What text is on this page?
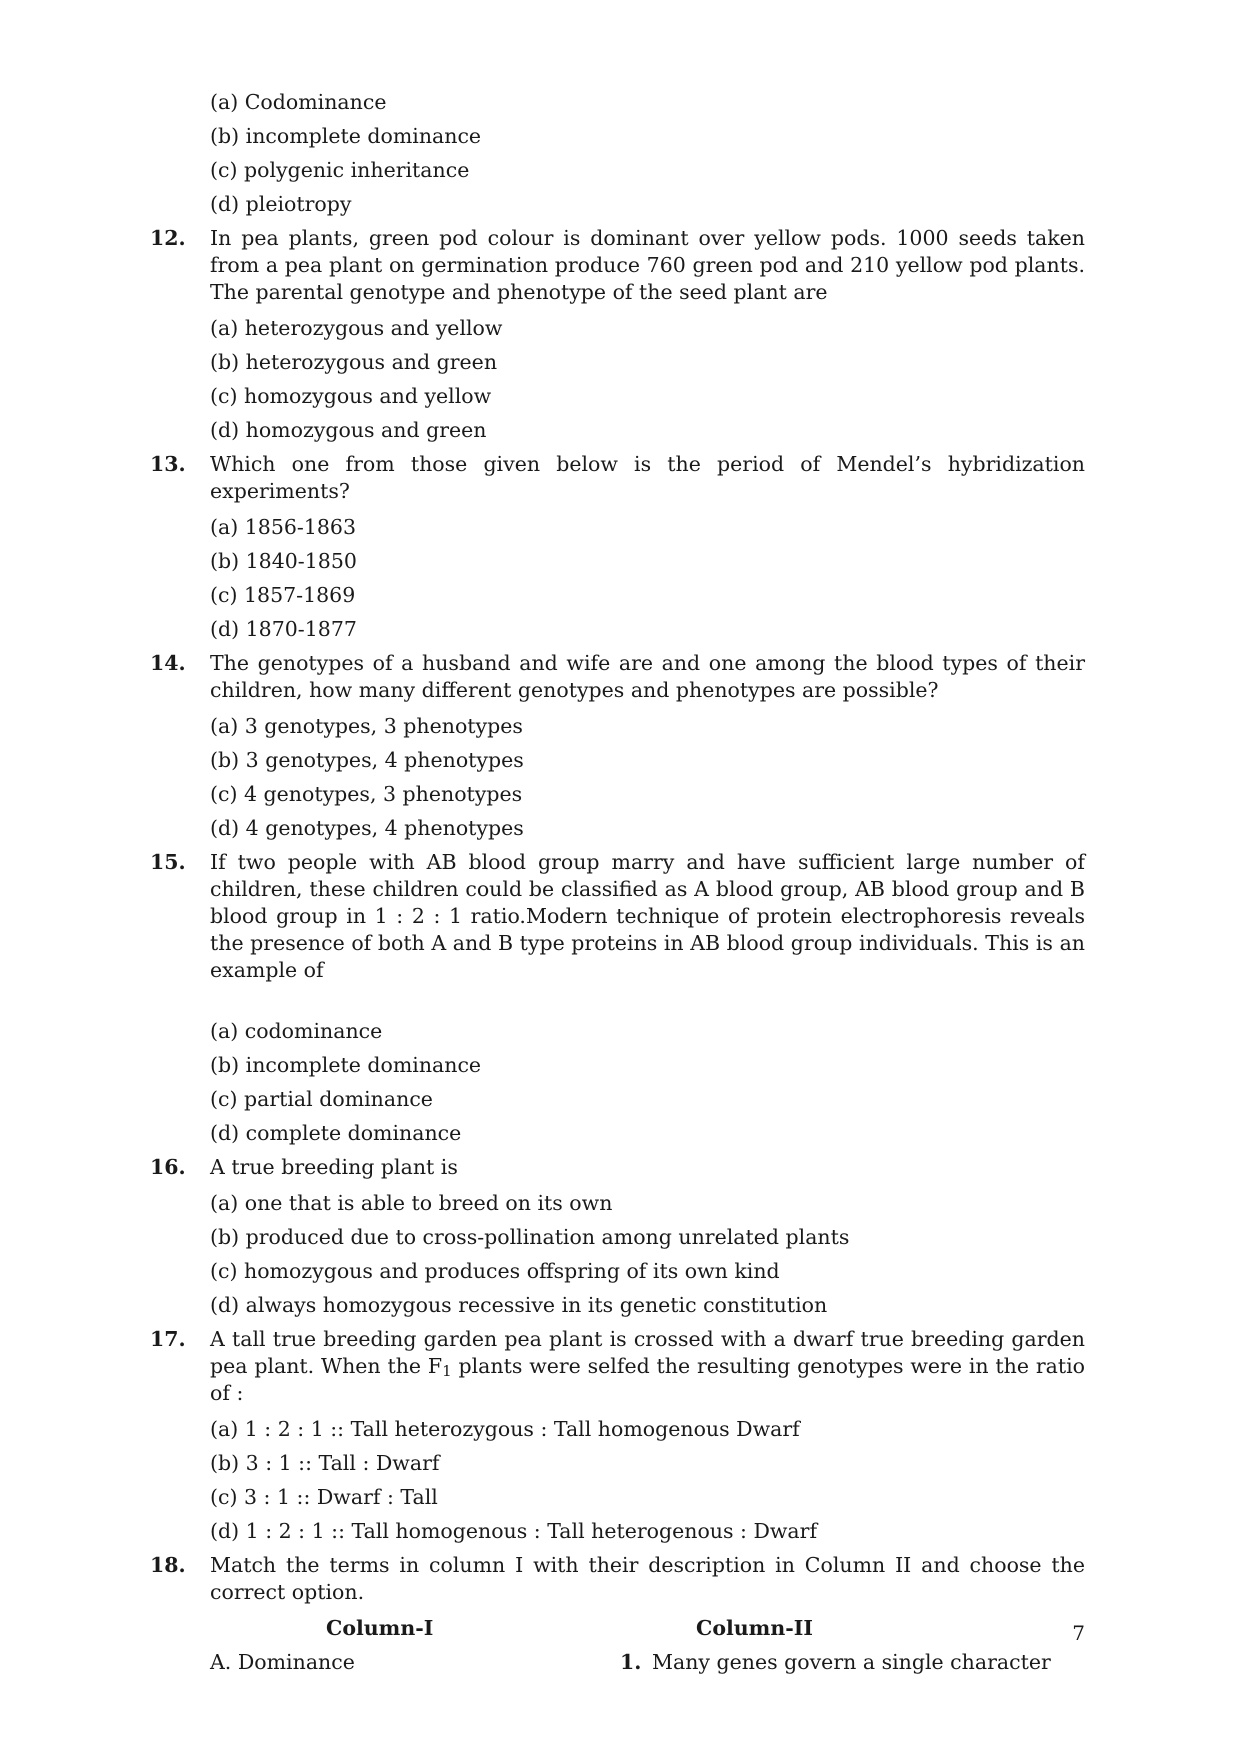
(a) Codominance
(b) incomplete dominance
(c) polygenic inheritance
(d) pleiotropy
12.	In pea plants, green pod colour is dominant over yellow pods. 1000 seeds taken from a pea plant on germination produce 760 green pod and 210 yellow pod plants. The parental genotype and phenotype of the seed plant are
(a) heterozygous and yellow
(b) heterozygous and green
(c) homozygous and yellow
(d) homozygous and green
13.	Which one from those given below is the period of Mendel’s hybridization experiments?
(a) 1856-1863
(b) 1840-1850
(c) 1857-1869
(d) 1870-1877
14.	The genotypes of a husband and wife are and one among the blood types of their children, how many different genotypes and phenotypes are possible?
(a) 3 genotypes, 3 phenotypes
(b) 3 genotypes, 4 phenotypes
(c) 4 genotypes, 3 phenotypes
(d) 4 genotypes, 4 phenotypes
15.	If two people with AB blood group marry and have sufficient large number of children, these children could be classified as A blood group, AB blood group and B blood group in 1 : 2 : 1 ratio.Modern technique of protein electrophoresis reveals the presence of both A and B type proteins in AB blood group individuals. This is an example of
(a) codominance
(b) incomplete dominance
(c) partial dominance
(d) complete dominance
16.	A true breeding plant is
(a) one that is able to breed on its own
(b) produced due to cross-pollination among unrelated plants
(c) homozygous and produces offspring of its own kind
(d) always homozygous recessive in its genetic constitution
17.	A tall true breeding garden pea plant is crossed with a dwarf true breeding garden pea plant. When the $F_1$ plants were selfed the resulting genotypes were in the ratio of :
(a) 1 : 2 : 1 :: Tall heterozygous : Tall homogenous Dwarf
(b) 3 : 1 :: Tall : Dwarf
(c) 3 : 1 :: Dwarf : Tall
(d) 1 : 2 : 1 :: Tall homogenous : Tall heterogenous : Dwarf
18.	Match the terms in column I with their description in Column II and choose the correct option.
Column-I	Column-II
A. Dominance	1. Many genes govern a single character
7
